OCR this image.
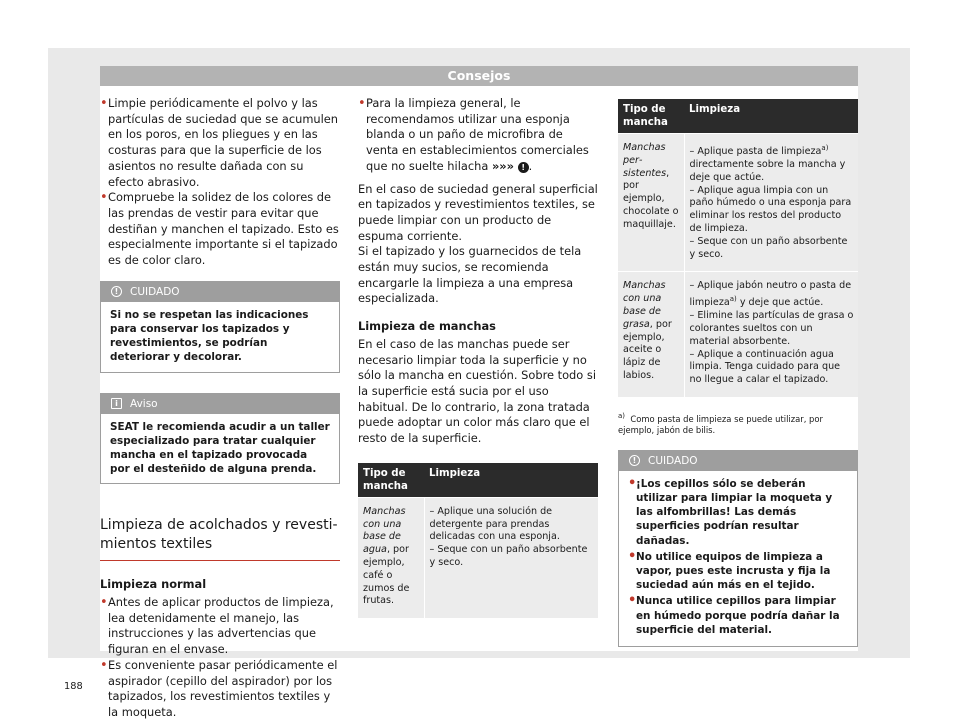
Consejos

• Limpie periódicamente el polvo y las partículas de suciedad que se acumulen en los poros, en los pliegues y en las costuras para que la superficie de los asientos no resulte dañada con su efecto abrasivo.

• Compruebe la solidez de los colores de las prendas de vestir para evitar que destiñan y manchen el tapizado. Esto es especialmente importante si el tapizado es de color claro.

!	CUIDADO
Si no se respetan las indicaciones para conservar los tapizados y revestimientos, se podrían deteriorar y decolorar.
i	Aviso
SEAT le recomienda acudir a un taller especializado para tratar cualquier mancha en el tapizado provocada por el desteñido de alguna prenda.
Limpieza de acolchados y revestimientos textiles

Limpieza normal

• Antes de aplicar productos de limpieza, lea detenidamente el manejo, las instrucciones y las advertencias que figuran en el envase.

• Es conveniente pasar periódicamente el aspirador (cepillo del aspirador) por los tapizados, los revestimientos textiles y la moqueta.

• Para la limpieza general, le recomendamos utilizar una esponja blanda o un paño de microfibra de venta en establecimientos comerciales que no suelte hilacha »»» ! .

En el caso de suciedad general superficial en tapizados y revestimientos textiles, se puede limpiar con un producto de espuma corriente.

Si el tapizado y los guarnecidos de tela están muy sucios, se recomienda encargarle la limpieza a una empresa especializada.

Limpieza de manchas

En el caso de las manchas puede ser necesario limpiar toda la superficie y no sólo la mancha en cuestión. Sobre todo si la superficie está sucia por el uso habitual. De lo contrario, la zona tratada puede adoptar un color más claro que el resto de la superficie.

Tipo de mancha	Limpieza
Manchas con una base de agua, por ejemplo, café o zumos de frutas.	– Aplique una solución de detergente para prendas delicadas con una esponja.
– Seque con un paño absorbente y seco.
Tipo de mancha	Limpieza
Manchas persistentes, por ejemplo, chocolate o maquillaje.	– Aplique pasta de limpieza$^{a)}$ directamente sobre la mancha y deje que actúe.
– Aplique agua limpia con un paño húmedo o una esponja para eliminar los restos del producto de limpieza.
– Seque con un paño absorbente y seco.
Manchas con una base de grasa, por ejemplo, aceite o lápiz de labios.	– Aplique jabón neutro o pasta de limpieza$^{a)}$ y deje que actúe.
– Elimine las partículas de grasa o colorantes sueltos con un material absorbente.
– Aplique a continuación agua limpia. Tenga cuidado para que no llegue a calar el tapizado.

$^{a)}$ Como pasta de limpieza se puede utilizar, por ejemplo, jabón de bilis.

!	CUIDADO

• ¡Los cepillos sólo se deberán utilizar para limpiar la moqueta y las alfombrillas! Las demás superficies podrían resultar dañadas.

• No utilice equipos de limpieza a vapor, pues este incrusta y fija la suciedad aún más en el tejido.

• Nunca utilice cepillos para limpiar en húmedo porque podría dañar la superficie del material.

188
